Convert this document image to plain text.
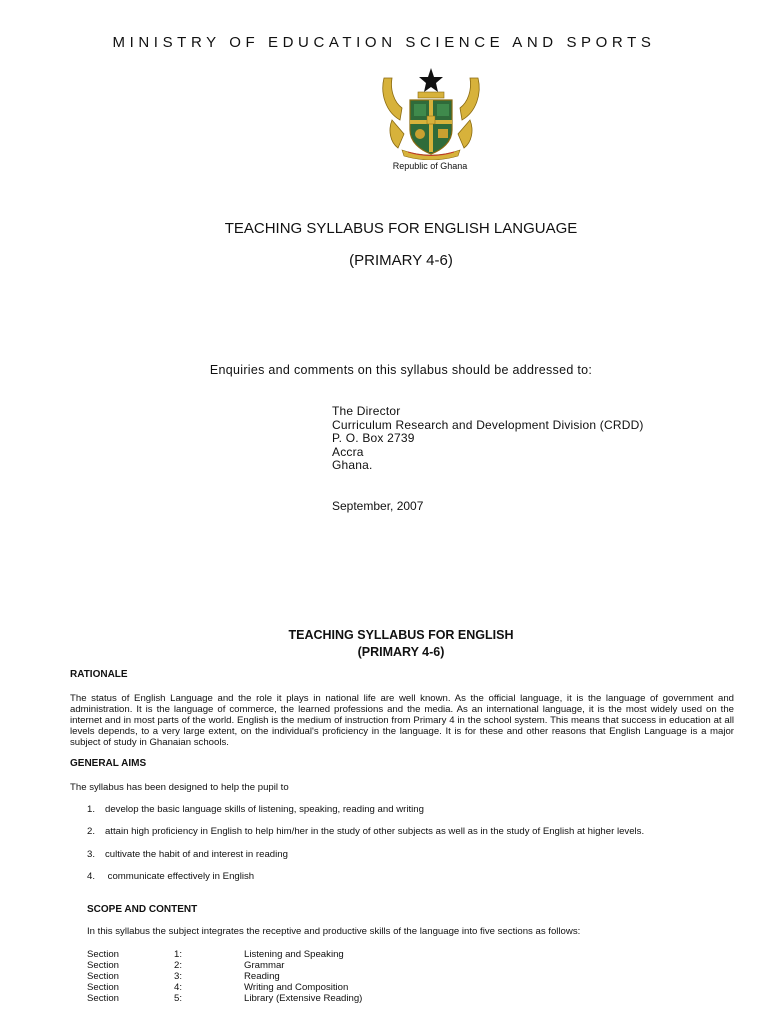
MINISTRY OF EDUCATION SCIENCE AND SPORTS
Republic of Ghana
TEACHING SYLLABUS FOR ENGLISH LANGUAGE
(PRIMARY 4-6)
Enquiries and comments on this syllabus should be addressed to:
The Director
Curriculum Research and Development Division (CRDD)
P. O. Box 2739
Accra
Ghana.
September, 2007
TEACHING SYLLABUS FOR ENGLISH
(PRIMARY 4-6)
RATIONALE
The status of English Language and the role it plays in national life are well known. As the official language, it is the language of government and administration. It is the language of commerce, the learned professions and the media. As an international language, it is the most widely used on the internet and in most parts of the world. English is the medium of instruction from Primary 4 in the school system. This means that success in education at all levels depends, to a very large extent, on the individual's proficiency in the language. It is for these and other reasons that English Language is a major subject of study in Ghanaian schools.
GENERAL AIMS
The syllabus has been designed to help the pupil to
1. develop the basic language skills of listening, speaking, reading and writing
2. attain high proficiency in English to help him/her in the study of other subjects as well as in the study of English at higher levels.
3. cultivate the habit of and interest in reading
4. communicate effectively in English
SCOPE AND CONTENT
In this syllabus the subject integrates the receptive and productive skills of the language into five sections as follows:
Section	1:	Listening and Speaking
Section	2:	Grammar
Section	3:	Reading
Section	4:	Writing and Composition
Section	5:	Library (Extensive Reading)
